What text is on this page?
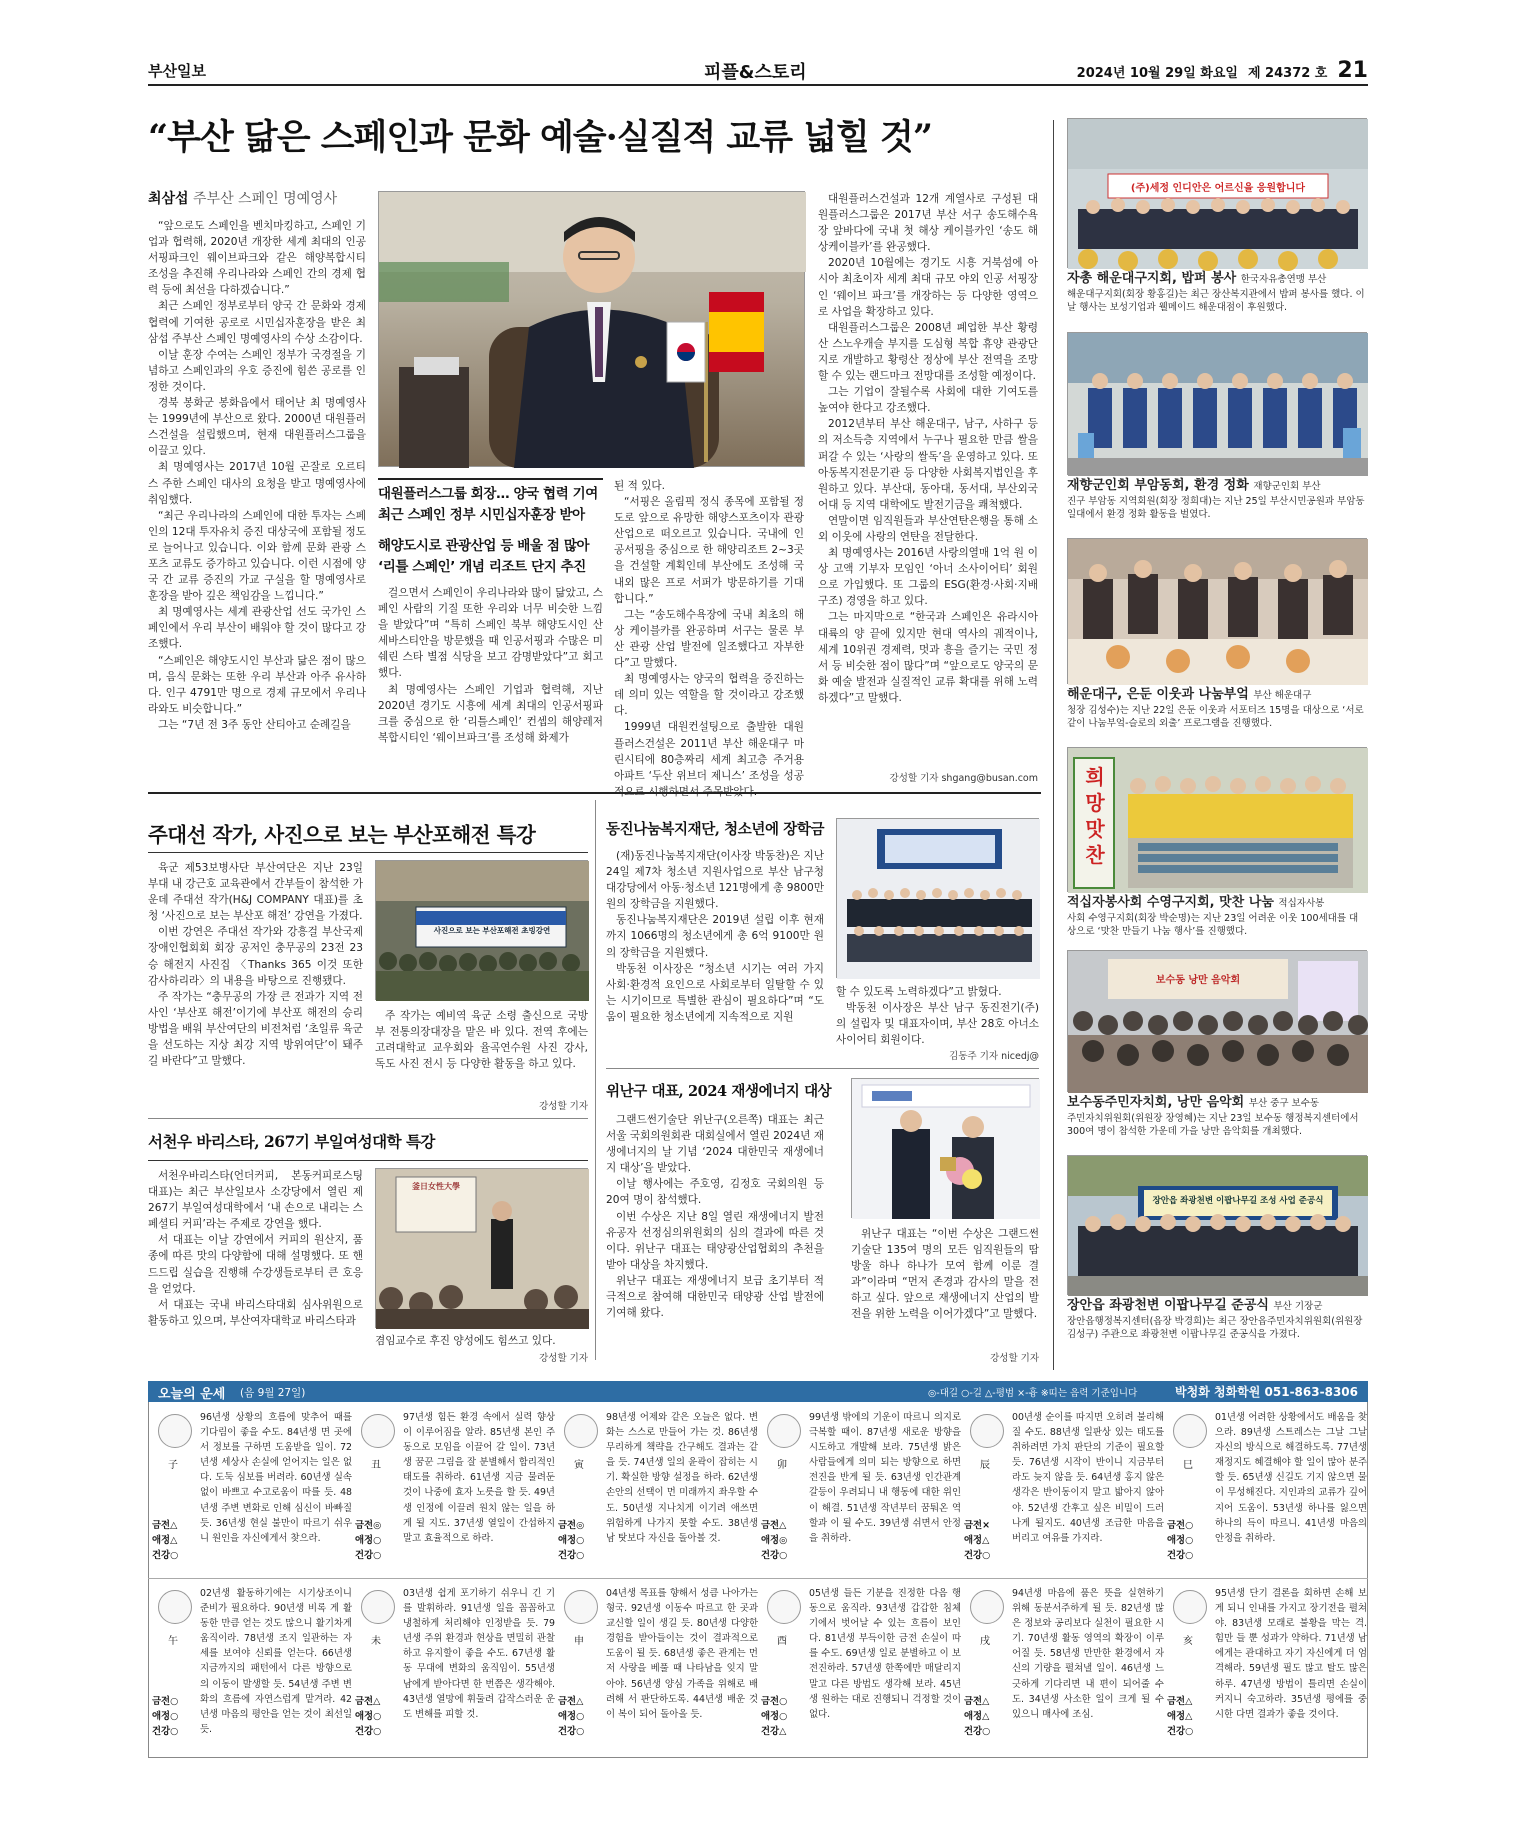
부산일보	피플&스토리	2024년 10월 29일 화요일 제 24372 호 21
“부산 닮은 스페인과 문화 예술·실질적 교류 넓힐 것”
최삼섭 주부산 스페인 명예영사

“앞으로도 스페인을 벤치마킹하고, 스페인 기업과 협력해, 2020년 개장한 세계 최대의 인공서핑파크인 웨이브파크와 같은 해양복합시티 조성을 추진해 우리나라와 스페인 간의 경제 협력 등에 최선을 다하겠습니다.”

최근 스페인 정부로부터 양국 간 문화와 경제 협력에 기여한 공로로 시민십자훈장을 받은 최삼섭 주부산 스페인 명예영사의 수상 소감이다.

이날 훈장 수여는 스페인 정부가 국경절을 기념하고 스페인과의 우호 증진에 힘쓴 공로를 인정한 것이다.

경북 봉화군 봉화읍에서 태어난 최 명예영사는 1999년에 부산으로 왔다. 2000년 대원플러스건설을 설립했으며, 현재 대원플러스그룹을 이끌고 있다.

최 명예영사는 2017년 10월 곤잘로 오르티스 주한 스페인 대사의 요청을 받고 명예영사에 취임했다.

“최근 우리나라의 스페인에 대한 투자는 스페인의 12대 투자유치 증진 대상국에 포함될 정도로 늘어나고 있습니다. 이와 함께 문화 관광 스포츠 교류도 증가하고 있습니다. 이런 시점에 양국 간 교류 증진의 가교 구실을 할 명예영사로 훈장을 받아 깊은 책임감을 느낍니다.”

최 명예영사는 세계 관광산업 선도 국가인 스페인에서 우리 부산이 배워야 할 것이 많다고 강조했다.

“스페인은 해양도시인 부산과 닮은 점이 많으며, 음식 문화는 또한 우리 부산과 아주 유사하다. 인구 4791만 명으로 경제 규모에서 우리나라와도 비슷합니다.”

그는 “7년 전 3주 동안 산티아고 순례길을

대원플러스그룹 회장… 양국 협력 기여
최근 스페인 정부 시민십자훈장 받아
해양도시로 관광산업 등 배울 점 많아
‘리틀 스페인’ 개념 리조트 단지 추진

걸으면서 스페인이 우리나라와 많이 닮았고, 스페인 사람의 기질 또한 우리와 너무 비슷한 느낌을 받았다”며 “특히 스페인 북부 해양도시인 산세바스티안을 방문했을 때 인공서핑과 수많은 미쉐린 스타 별점 식당을 보고 감명받았다”고 회고했다.

최 명예영사는 스페인 기업과 협력해, 지난 2020년 경기도 시흥에 세계 최대의 인공서핑파크를 중심으로 한 ‘리틀스페인’ 컨셉의 해양레저복합시티인 ‘웨이브파크’를 조성해 화제가

된 적 있다.

“서핑은 올림픽 정식 종목에 포함될 정도로 앞으로 유망한 해양스포츠이자 관광산업으로 떠오르고 있습니다. 국내에 인공서핑을 중심으로 한 해양리조트 2~3곳을 건설할 계획인데 부산에도 조성해 국내외 많은 프로 서퍼가 방문하기를 기대합니다.”

그는 “송도해수욕장에 국내 최초의 해상 케이블카를 완공하며 서구는 물론 부산 관광 산업 발전에 일조했다고 자부한다”고 말했다.

최 명예영사는 양국의 협력을 증진하는 데 의미 있는 역할을 할 것이라고 강조했다.

1999년 대원컨설팅으로 출발한 대원플러스건설은 2011년 부산 해운대구 마린시티에 80층짜리 세계 최고층 주거용 아파트 ‘두산 위브더 제니스’ 조성을 성공

대원플러스건설과 12개 계열사로 구성된 대원플러스그룹은 2017년 부산 서구 송도해수욕장 앞바다에 국내 첫 해상 케이블카인 ‘송도 해상케이블카’를 완공했다.

2020년 10월에는 경기도 시흥 거북섬에 아시아 최초이자 세계 최대 규모 야외 인공 서핑장인 ‘웨이브 파크’를 개장하는 등 다양한 영역으로 사업을 확장하고 있다.

대원플러스그룹은 2008년 폐업한 부산 황령산 스노우캐슬 부지를 도심형 복합 휴양 관광단지로 개발하고 황령산 정상에 부산 전역을 조망할 수 있는 랜드마크 전망대를 조성할 예정이다.

그는 기업이 잘될수록 사회에 대한 기여도를 높여야 한다고 강조했다.

2012년부터 부산 해운대구, 남구, 사하구 등의 저소득층 지역에서 누구나 필요한 만큼 쌀을 퍼갈 수 있는 ‘사랑의 쌀독’을 운영하고 있다. 또 아동복지전문기관 등 다양한 사회복지법인을 후원하고 있다. 부산대, 동아대, 동서대, 부산외국어대 등 지역 대학에도 발전기금을 쾌척했다.

연말이면 임직원들과 부산연탄은행을 통해 소외 이웃에 사랑의 연탄을 전달한다.

최 명예영사는 2016년 사랑의열매 1억 원 이상 고액 기부자 모임인 ‘아너 소사이어티’ 회원으로 가입했다. 또 그룹의 ESG(환경·사회·지배구조) 경영을 하고 있다.

그는 마지막으로 “한국과 스페인은 유라시아 대륙의 양 끝에 있지만 현대 역사의 궤적이나, 세계 10위권 경제력, 멋과 흥을 즐기는 국민 정서 등 비슷한 점이 많다”며 “앞으로도 양국의 문화 예술 발전과 실질적인 교류 확대를 위해 노력하겠다”고 말했다.

강성할 기자 shgang@busan.com
주대선 작가, 사진으로 보는 부산포해전 특강

육군 제53보병사단 부산여단은 지난 23일 부대 내 강근호 교육관에서 간부들이 참석한 가운데 주대선 작가(H&J COMPANY 대표)를 초청 ‘사진으로 보는 부산포 해전’ 강연을 가졌다.

이번 강연은 주대선 작가와 강흥걸 부산국제장애인협회회 회장 공저인 충무공의 23전 23승 해전지 사진집 〈Thanks 365 이것 또한 감사하리라〉의 내용을 바탕으로 진행됐다.

주 작가는 “충무공의 가장 큰 전과가 지역 전사인 ‘부산포 해전’이기에 부산포 해전의 승리 방법을 배워 부산여단의 비전처럼 ‘초일류 육군을 선도하는 지상 최강 지역 방위여단’이 돼주길 바란다”고 말했다.

사진으로 보는 부산포해전 초빙강연

주 작가는 예비역 육군 소령 출신으로 국방부 전통의장대장을 맡은 바 있다. 전역 후에는 고려대학교 교우회와 율곡연수원 사진 강사, 독도 사진 전시 등 다양한 활동을 하고 있다.

강성할 기자
서천우 바리스타, 267기 부일여성대학 특강

서천우바리스타(언더커피, 본동커피로스팅 대표)는 최근 부산일보사 소강당에서 열린 제267기 부일여성대학에서 ‘내 손으로 내리는 스페셜티 커피’라는 주제로 강연을 했다.

서 대표는 이날 강연에서 커피의 원산지, 품종에 따른 맛의 다양함에 대해 설명했다. 또 핸드드립 실습을 진행해 수강생들로부터 큰 호응을 얻었다.

서 대표는 국내 바리스타대회 심사위원으로 활동하고 있으며, 부산여자대학교 바리스타과

釜日女性大學

겸임교수로 후진 양성에도 힘쓰고 있다.

강성할 기자
동진나눔복지재단, 청소년에 장학금

(재)동진나눔복지재단(이사장 박동찬)은 지난 24일 제7차 청소년 지원사업으로 부산 남구청 대강당에서 아동·청소년 121명에게 총 9800만 원의 장학금을 지원했다.

동진나눔복지재단은 2019년 설립 이후 현재까지 1066명의 청소년에게 총 6억 9100만 원의 장학금을 지원했다.

박동천 이사장은 “청소년 시기는 여러 가지 사회·환경적 요인으로 사회로부터 일탈할 수 있는 시기이므로 특별한 관심이 필요하다”며 “도움이 필요한 청소년에게 지속적으로 지원

할 수 있도록 노력하겠다”고 밝혔다.

박동천 이사장은 부산 남구 동진전기(주)의 설립자 및 대표자이며, 부산 28호 아너소사이어티 회원이다.

김동주 기자 nicedj@
위난구 대표, 2024 재생에너지 대상

그랜드썬기술단 위난구(오른쪽) 대표는 최근 서울 국회의원회관 대회실에서 열린 2024년 재생에너지의 날 기념 ‘2024 대한민국 재생에너지 대상’을 받았다.

이날 행사에는 주호영, 김정호 국회의원 등 20여 명이 참석했다.

이번 수상은 지난 8일 열린 재생에너지 발전 유공자 선정심의위원회의 심의 결과에 따른 것이다. 위난구 대표는 태양광산업협회의 추천을 받아 대상을 차지했다.

위난구 대표는 재생에너지 보급 초기부터 적극적으로 참여해 대한민국 태양광 산업 발전에 기여해 왔다.

위난구 대표는 “이번 수상은 그랜드썬기술단 135여 명의 모든 임직원들의 땀방울 하나 하나가 모여 함께 이룬 결과”이라며 “먼저 존경과 감사의 말을 전하고 싶다. 앞으로 재생에너지 산업의 발전을 위한 노력을 이어가겠다”고 말했다.

강성할 기자
(주)세정 인디안은 어르신을 응원합니다
자총 해운대구지회, 밥퍼 봉사 한국자유총연맹 부산
해운대구지회(회장 황홍길)는 최근 장산복지관에서 밥퍼 봉사를 했다. 이날 행사는 보성기업과 웰메이드 해운대점이 후원했다.
재향군인회 부암동회, 환경 정화 재향군인회 부산
진구 부암동 지역회원(회장 정희대)는 지난 25일 부산시민공원과 부암동 일대에서 환경 정화 활동을 벌였다.
해운대구, 은둔 이웃과 나눔부엌 부산 해운대구
청장 김성수)는 지난 22일 은둔 이웃과 서포터즈 15명을 대상으로 ‘서로같이 나눔부엌-슬로의 외출’ 프로그램을 진행했다.
희망 맛찬
적십자봉사회 수영구지회, 맛찬 나눔 적십자사봉
사회 수영구지회(회장 박순명)는 지난 23일 어려운 이웃 100세대를 대상으로 ‘맛찬 만들기 나눔 행사’를 진행했다.
보수동 낭만 음악회
보수동주민자치회, 낭만 음악회 부산 중구 보수동
주민자치위원회(위원장 장영혜)는 지난 23일 보수동 행정복지센터에서 300여 명이 참석한 가운데 가을 낭만 음악회를 개최했다.
장안읍 좌광천변 이팝나무길 조성 사업 준공식
장안읍 좌광천변 이팝나무길 준공식 부산 기장군
장안읍행정복지센터(읍장 박경희)는 최근 장안읍주민자치위원회(위원장 김성구) 주관으로 좌광천변 이팝나무길 준공식을 가졌다.
오늘의 운세 (음 9월 27일)	◎-대길 ○-길 △-평범 ×-흉 ※띠는 음력 기준입니다	박청화 청화학원 051-863-8306
子
96년생 상황의 흐름에 맞추어 때를 기다림이 좋을 수도. 84년생 면 곳에서 정보를 구하면 도움받을 일이. 72년생 세상사 손실에 얻어지는 일은 없다. 도둑 심보를 버려라. 60년생 실속 없이 바쁘고 수고로움이 따를 듯. 48년생 주변 변화로 인해 심신이 바빠질 듯. 36년생 현실 불만이 따르기 쉬우니 원인을 자신에게서 찾으라.
금전△
애정△
건강○
丑
97년생 힘든 환경 속에서 실력 향상이 이루어짐을 알라. 85년생 본인 주동으로 모임을 이끌어 갈 일이. 73년생 꿈꾼 그림을 잘 분별해서 합리적인 태도를 취하라. 61년생 지금 물려둔 것이 나중에 효자 노릇을 할 듯. 49년생 인정에 이끌려 원치 않는 일을 하게 될 지도. 37년생 열일이 간섭하지 말고 효율적으로 하라.
금전◎
애정○
건강○
寅
98년생 어제와 같은 오늘은 없다. 변화는 스스로 만들어 가는 것. 86년생 무리하게 책략을 간구해도 결과는 같을 듯. 74년생 일의 윤곽이 잡히는 시기. 확실한 방향 설정을 하라. 62년생 손안의 선택이 먼 미래까지 좌우할 수도. 50년생 지나치게 이기려 애쓰면 위험하게 나가지 못할 수도. 38년생 남 탓보다 자신을 돌아볼 것.
금전◎
애정○
건강○
卯
99년생 밖에의 기운이 따르니 의지로 극복할 때이. 87년생 새로운 방향을 시도하고 개발해 보라. 75년생 밝은 사람들에게 의미 되는 방향으로 하면 전진을 반게 될 듯. 63년생 인간관계 갈등이 우려되니 내 행동에 대한 위인이 해결. 51년생 작년부터 꿈퉈온 역할과 이 될 수도. 39년생 쉬면서 안정을 취하라.
금전△
애정◎
건강○
辰
00년생 순이를 따지면 오히려 불리해질 수도. 88년생 일판상 있는 태도를 취하려면 가치 판단의 기준이 필요할 듯. 76년생 시작이 반이니 지금부터라도 늦지 않을 듯. 64년생 홍지 않은 생각은 반이동이지 말고 밟아지 않아야. 52년생 간후고 싶은 비밀이 드러나게 될지도. 40년생 조급한 마음을 버리고 여유를 가지라.
금전×
애정△
건강○
巳
01년생 어려한 상황에서도 배움을 찾으라. 89년생 스트레스는 그날 그날 자신의 방식으로 해결하도록. 77년생 재정지도 혜결해야 할 일이 많아 분주할 듯. 65년생 신길도 기지 않으면 물이 무성해진다. 지인과의 교류가 깊어지어 도움이. 53년생 하나를 잃으면 하나의 득이 따르니. 41년생 마음의 안정을 취하라.
금전○
애정○
건강○
午
02년생 활동하기에는 시기상조이니 준비가 필요하다. 90년생 비록 게 활동한 만큼 얻는 것도 많으니 활기차게 움직이라. 78년생 조지 일관하는 자세를 보여야 신뢰를 얻는다. 66년생 지금까지의 패턴에서 다른 방향으로의 이동이 발생할 듯. 54년생 주변 변화의 흐름에 자연스럽게 맡겨라. 42년생 마음의 평안을 얻는 것이 최선일 듯.
금전○
애정○
건강○
未
03년생 쉽게 포기하기 쉬우니 긴 기를 발휘하라. 91년생 일을 꼼꼼하고 냉철하게 처리해야 인정받을 듯. 79년생 주위 환경과 현상을 면밀히 관찰하고 유지할이 좋을 수도. 67년생 활동 무대에 변화의 움직임이. 55년생 남에게 받아다면 한 번쯤은 생각해야. 43년생 열망에 휘둘려 갑작스러운 운도 변해를 피할 것.
금전△
애정○
건강○
申
04년생 목표를 향해서 성큼 나아가는 형국. 92년생 이동수 따르고 한 곳과 교신할 일이 생길 듯. 80년생 다양한 경험을 받아들이는 것이 결과적으로 도움이 될 듯. 68년생 좋은 관계는 먼저 사랑을 베풀 때 나타남을 잊지 말아야. 56년생 양심 가족을 위해로 배려해 서 판단하도록. 44년생 배운 것이 복이 되어 돌아올 듯.
금전△
애정○
건강○
酉
05년생 들든 기분을 진정한 다음 행동으로 움직라. 93년생 갑갑한 침체기에서 벗어날 수 있는 흐름이 보인다. 81년생 부득이한 금전 손실이 따를 수도. 69년생 일로 분별하고 이 보 전진하라. 57년생 한쪽에만 매달리지 말고 다른 방법도 생각해 보라. 45년생 원하는 대로 진행되니 걱정할 것이 없다.
금전○
애정○
건강△
戌
94년생 마음에 품은 뜻을 실현하기 위해 동분서주하게 될 듯. 82년생 많은 정보와 공리보다 실천이 필요한 시기. 70년생 활동 영역의 확장이 이루어질 듯. 58년생 만만한 환경에서 자신의 기량을 펼쳐낼 일이. 46년생 느긋하게 기다리면 내 편이 되어줄 수도. 34년생 사소한 일이 크게 될 수 있으니 매사에 조심.
금전△
애정△
건강○
亥
95년생 단기 결론을 회하면 손해 보게 되니 인내를 가지고 장기전을 펼쳐야. 83년생 모래로 불황을 막는 격. 힘만 들 뿐 성과가 약하다. 71년생 남에게는 관대하고 자기 자신에게 더 엄격해라. 59년생 필도 많고 탈도 많은 하루. 47년생 방법이 틀리면 손실이 커지니 숙고하라. 35년생 평에를 중시한 다면 결과가 좋을 것이다.
금전△
애정△
건강○
